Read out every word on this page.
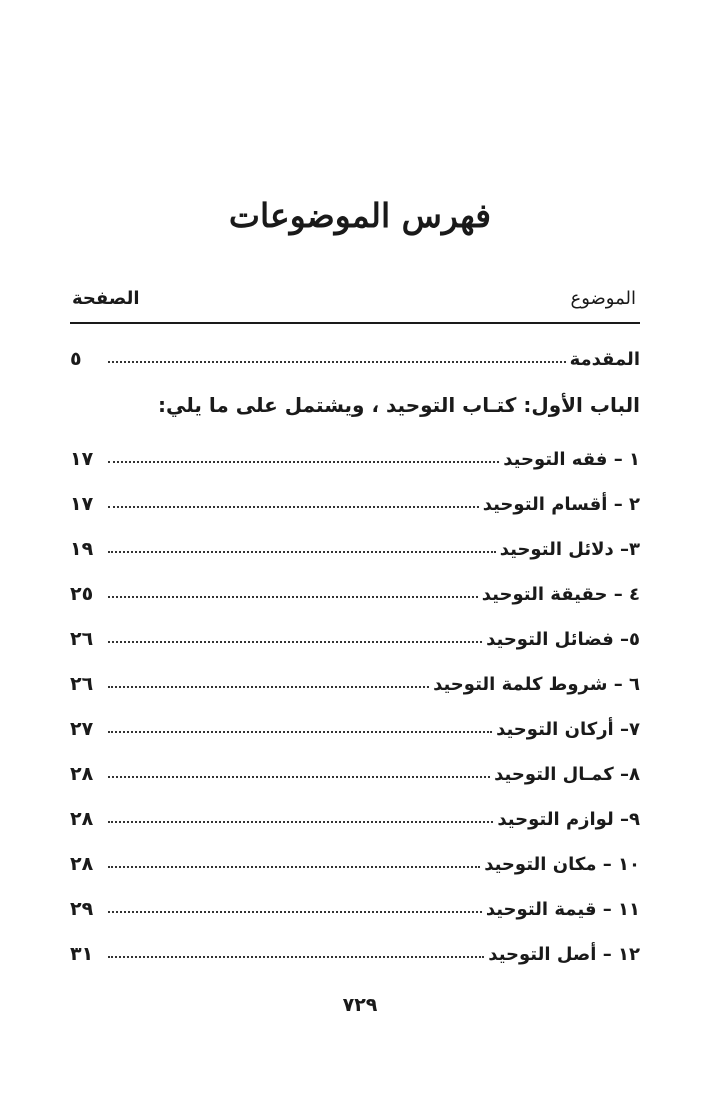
فهرس الموضوعات
الموضوع
الصفحة
المقدمة
٥
الباب الأول: كتـاب التوحيد ، ويشتمل على ما يلي:
١ – فقه التوحيد
١٧
٢ – أقسام التوحيد
١٧
٣– دلائل التوحيد
١٩
٤ – حقيقة التوحيد
٢٥
٥– فضائل التوحيد
٢٦
٦ – شروط كلمة التوحيد
٢٦
٧– أركان التوحيد
٢٧
٨– كمـال التوحيد
٢٨
٩– لوازم التوحيد
٢٨
١٠ – مكان التوحيد
٢٨
١١ – قيمة التوحيد
٢٩
١٢ – أصل التوحيد
٣١
٧٢٩
